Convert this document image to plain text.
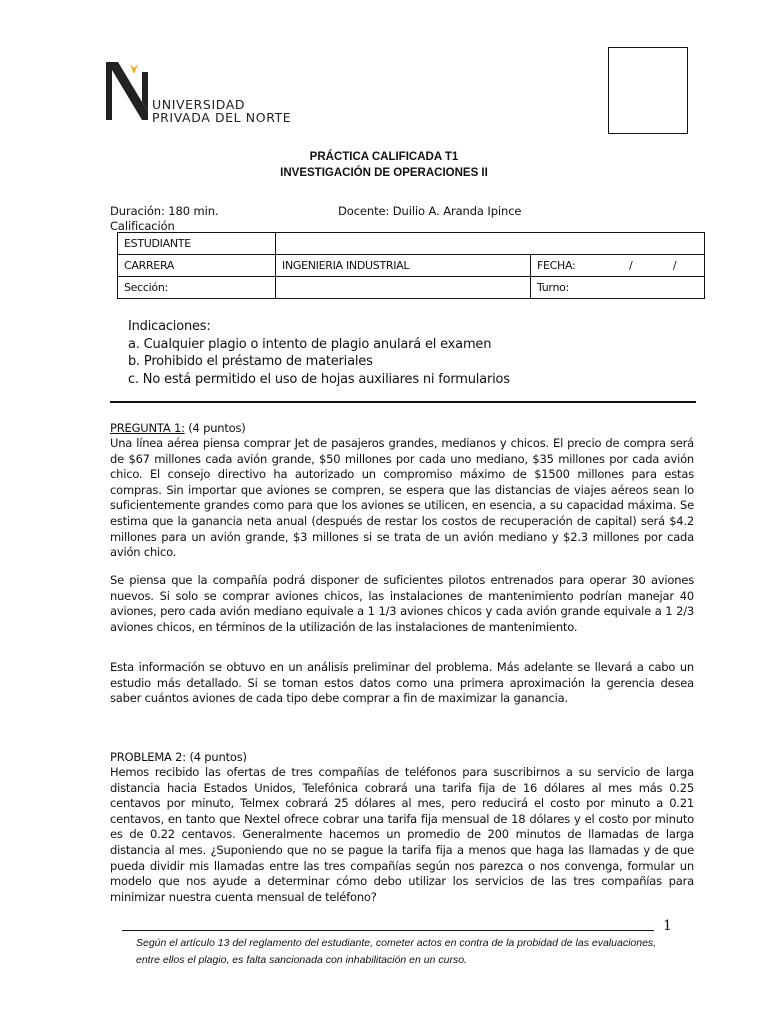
UNIVERSIDAD
PRIVADA DEL NORTE
PRÁCTICA CALIFICADA T1
INVESTIGACIÓN DE OPERACIONES II
Duración: 180 min.	Docente: Duilio A. Aranda Ipince
Calificación
ESTUDIANTE			
CARRERA	INGENIERIA INDUSTRIAL	FECHA:	/ /
Sección:		Turno:	
Indicaciones:
a. Cualquier plagio o intento de plagio anulará el examen
b. Prohibido el préstamo de materiales
c. No está permitido el uso de hojas auxiliares ni formularios
PREGUNTA 1: (4 puntos)
Una línea aérea piensa comprar Jet de pasajeros grandes, medianos y chicos. El precio de compra será de $67 millones cada avión grande, $50 millones por cada uno mediano, $35 millones por cada avión chico. El consejo directivo ha autorizado un compromiso máximo de $1500 millones para estas compras. Sin importar que aviones se compren, se espera que las distancias de viajes aéreos sean lo suficientemente grandes como para que los aviones se utilicen, en esencia, a su capacidad máxima. Se estima que la ganancia neta anual (después de restar los costos de recuperación de capital) será $4.2 millones para un avión grande, $3 millones si se trata de un avión mediano y $2.3 millones por cada avión chico.
Se piensa que la compañía podrá disponer de suficientes pilotos entrenados para operar 30 aviones nuevos. Si solo se comprar aviones chicos, las instalaciones de mantenimiento podrían manejar 40 aviones, pero cada avión mediano equivale a 1 1/3 aviones chicos y cada avión grande equivale a 1 2/3 aviones chicos, en términos de la utilización de las instalaciones de mantenimiento.
Esta información se obtuvo en un análisis preliminar del problema. Más adelante se llevará a cabo un estudio más detallado. Si se toman estos datos como una primera aproximación la gerencia desea saber cuántos aviones de cada tipo debe comprar a fin de maximizar la ganancia.
PROBLEMA 2: (4 puntos)
Hemos recibido las ofertas de tres compañías de teléfonos para suscribirnos a su servicio de larga distancia hacia Estados Unidos, Telefónica cobrará una tarifa fija de 16 dólares al mes más 0.25 centavos por minuto, Telmex cobrará 25 dólares al mes, pero reducirá el costo por minuto a 0.21 centavos, en tanto que Nextel ofrece cobrar una tarifa fija mensual de 18 dólares y el costo por minuto es de 0.22 centavos. Generalmente hacemos un promedio de 200 minutos de llamadas de larga distancia al mes. ¿Suponiendo que no se pague la tarifa fija a menos que haga las llamadas y de que pueda dividir mis llamadas entre las tres compañías según nos parezca o nos convenga, formular un modelo que nos ayude a determinar cómo debo utilizar los servicios de las tres compañías para minimizar nuestra cuenta mensual de teléfono?
1
Según el artículo 13 del reglamento del estudiante, cometer actos en contra de la probidad de las evaluaciones, entre ellos el plagio, es falta sancionada con inhabilitación en un curso.
